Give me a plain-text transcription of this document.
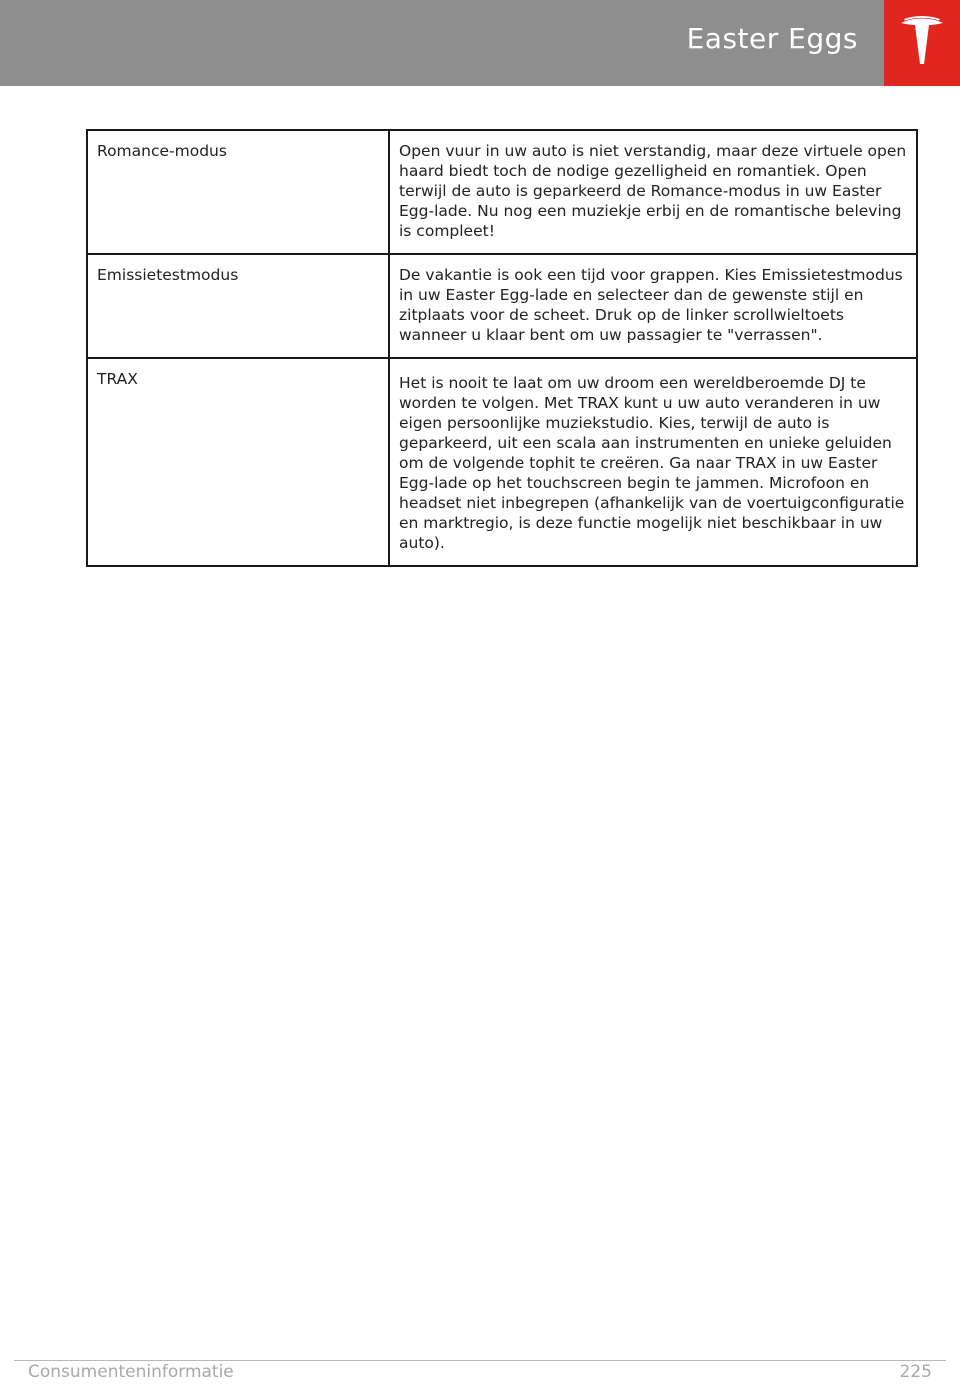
Easter Eggs
Romance-modus	Open vuur in uw auto is niet verstandig, maar deze virtuele open haard biedt toch de nodige gezelligheid en romantiek. Open terwijl de auto is geparkeerd de Romance-modus in uw Easter Egg-lade. Nu nog een muziekje erbij en de romantische beleving is compleet!
Emissietestmodus	De vakantie is ook een tijd voor grappen. Kies Emissietestmodus in uw Easter Egg-lade en selecteer dan de gewenste stijl en zitplaats voor de scheet. Druk op de linker scrollwieltoets wanneer u klaar bent om uw passagier te "verrassen".
TRAX	Het is nooit te laat om uw droom een wereldberoemde DJ te worden te volgen. Met TRAX kunt u uw auto veranderen in uw eigen persoonlijke muziekstudio. Kies, terwijl de auto is geparkeerd, uit een scala aan instrumenten en unieke geluiden om de volgende tophit te creëren. Ga naar TRAX in uw Easter Egg-lade op het touchscreen begin te jammen. Microfoon en headset niet inbegrepen (afhankelijk van de voertuigconfiguratie en marktregio, is deze functie mogelijk niet beschikbaar in uw auto).
Consumenteninformatie	225
